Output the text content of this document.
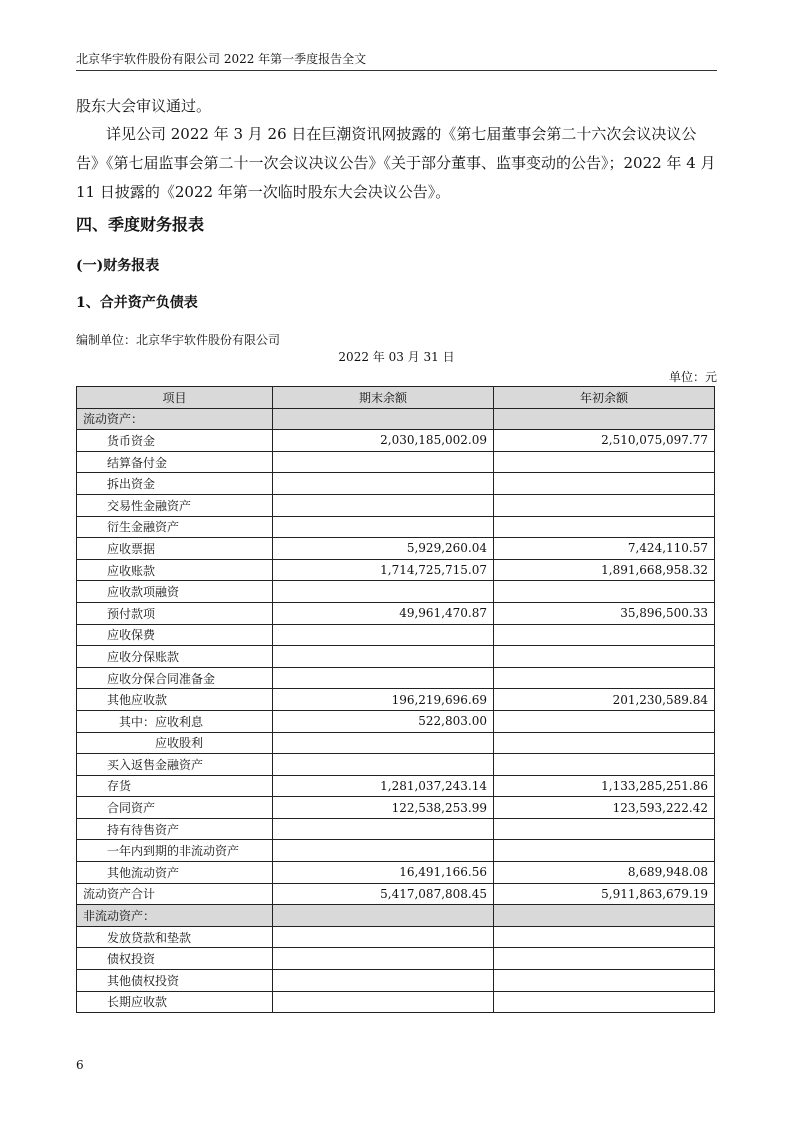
北京华宇软件股份有限公司 2022 年第一季度报告全文
股东大会审议通过。
详见公司 2022 年 3 月 26 日在巨潮资讯网披露的《第七届董事会第二十六次会议决议公告》《第七届监事会第二十一次会议决议公告》《关于部分董事、监事变动的公告》；2022 年 4 月 11 日披露的《2022 年第一次临时股东大会决议公告》。
四、季度财务报表
(一)财务报表
1、合并资产负债表
编制单位：北京华宇软件股份有限公司
2022 年 03 月 31 日
单位：元
项目	期末余额	年初余额
流动资产：		
货币资金	2,030,185,002.09	2,510,075,097.77
结算备付金		
拆出资金		
交易性金融资产		
衍生金融资产		
应收票据	5,929,260.04	7,424,110.57
应收账款	1,714,725,715.07	1,891,668,958.32
应收款项融资		
预付款项	49,961,470.87	35,896,500.33
应收保费		
应收分保账款		
应收分保合同准备金		
其他应收款	196,219,696.69	201,230,589.84
其中：应收利息	522,803.00	
应收股利		
买入返售金融资产		
存货	1,281,037,243.14	1,133,285,251.86
合同资产	122,538,253.99	123,593,222.42
持有待售资产		
一年内到期的非流动资产		
其他流动资产	16,491,166.56	8,689,948.08
流动资产合计	5,417,087,808.45	5,911,863,679.19
非流动资产：		
发放贷款和垫款		
债权投资		
其他债权投资		
长期应收款		
6
